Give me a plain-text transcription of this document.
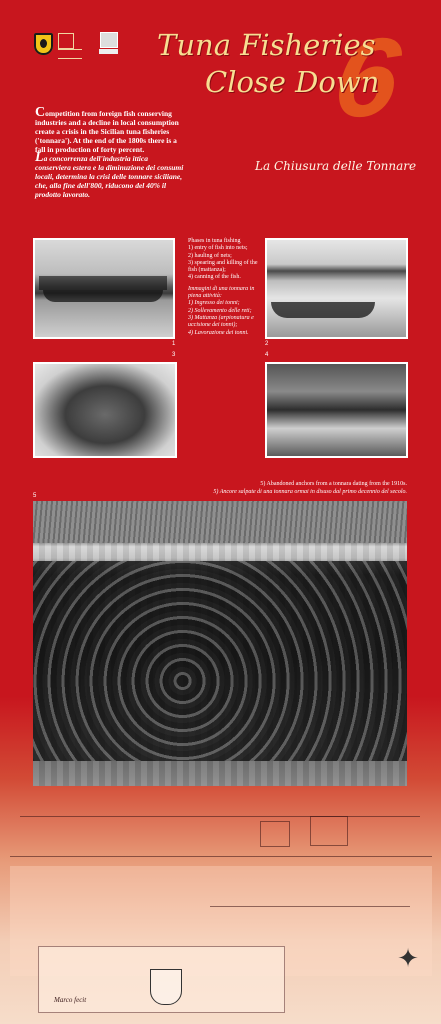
6
Tuna Fisheries
Close Down
La Chiusura delle Tonnare

Competition from foreign fish conserving industries and a decline in local consumption create a crisis in the Sicilian tuna fisheries ('tonnara'). At the end of the 1800s there is a fall in production of forty percent.

La concorrenza dell'industria ittica conserviera estera e la diminuzione dei consumi locali, determina la crisi delle tonnare siciliane, che, alla fine dell'800, riducono del 40% il prodotto lavorato.

1

Phases in tuna fishing
1) entry of fish into nets;
2) hauling of nets;
3) spearing and killing of the fish (mattanza);
4) canning of the fish.

Immagini di una tonnara in piena attività:
1) Ingresso dei tonni;
2) Sollevamento delle reti;
3) Mattanza (arpionatura e uccisione dei tonni);
4) Lavorazione dei tonni.

2
3	4
5) Abandoned anchors from a tonnara dating from the 1910s.
5) Ancore salpate di una tonnara ormai in disuso dal primo decennio del secolo.
5
✦
Marco fecit
